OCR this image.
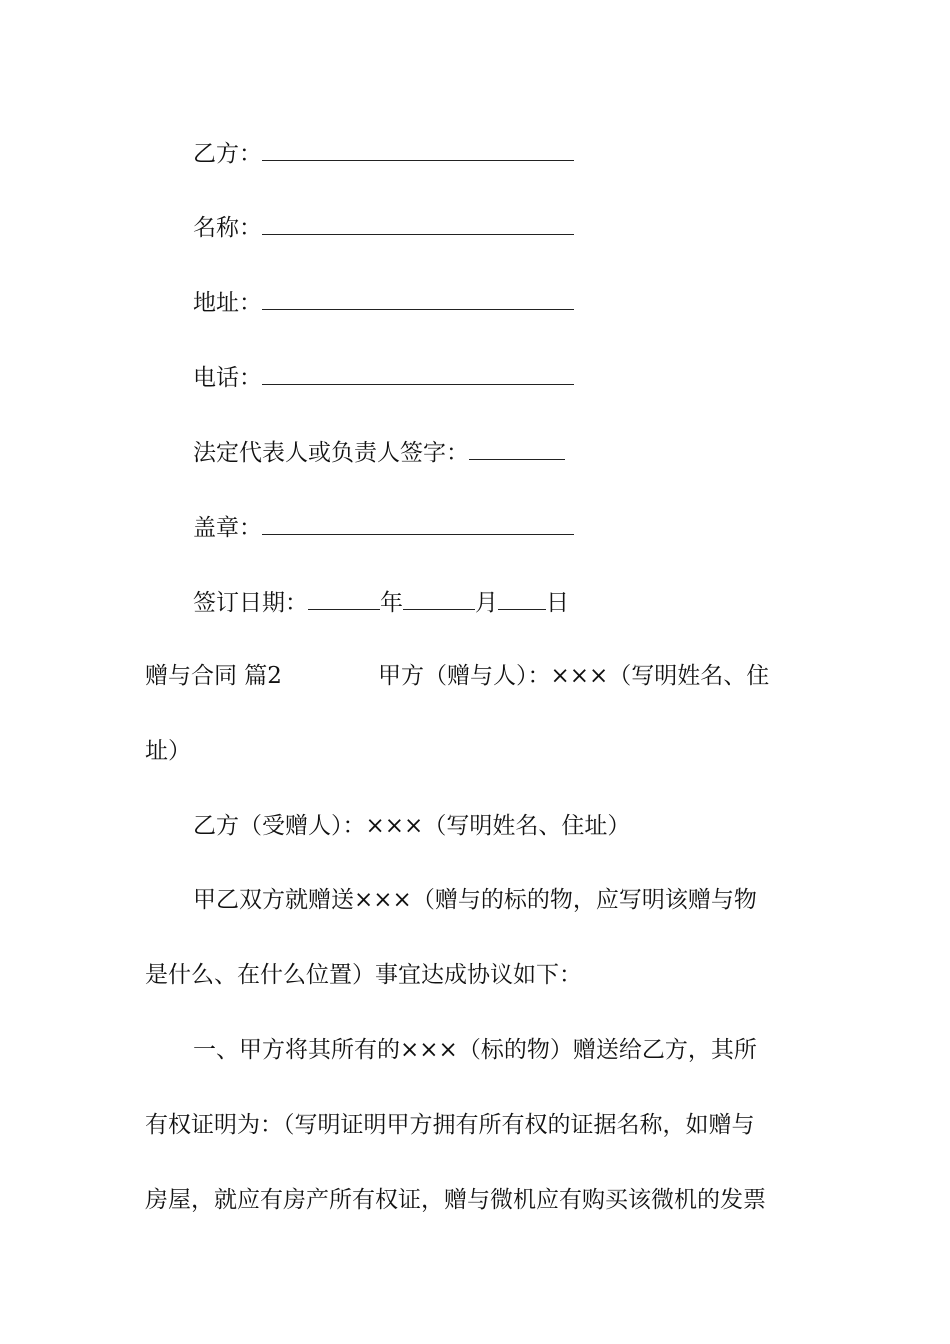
乙方：
名称：
地址：
电话：
法定代表人或负责人签字：
盖章：
签订日期：	年	月 日
赠与合同 篇2	甲方（赠与人）：×××（写明姓名、住
址）
乙方（受赠人）：×××（写明姓名、住址）
甲乙双方就赠送×××（赠与的标的物，应写明该赠与物
是什么、在什么位置）事宜达成协议如下：
一、甲方将其所有的×××（标的物）赠送给乙方，其所
有权证明为：（写明证明甲方拥有所有权的证据名称，如赠与
房屋，就应有房产所有权证，赠与微机应有购买该微机的发票
